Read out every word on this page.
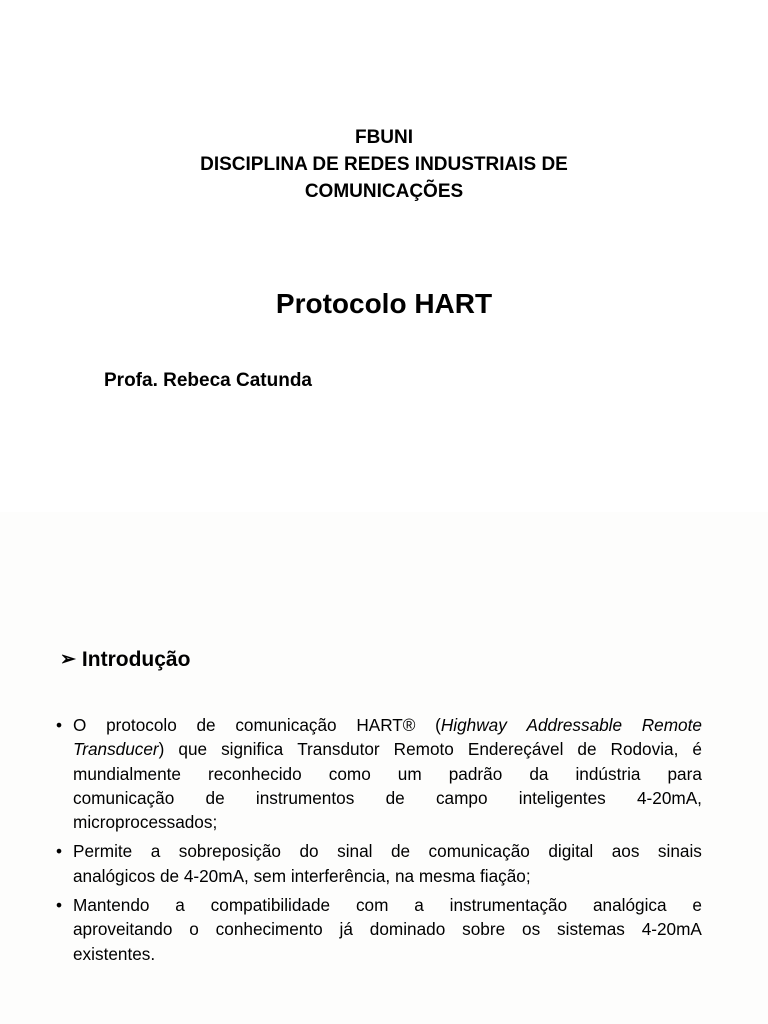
FBUNI
DISCIPLINA DE REDES INDUSTRIAIS DE
COMUNICAÇÕES
Protocolo HART
Profa. Rebeca Catunda
➢ Introdução
• O protocolo de comunicação HART® (Highway Addressable Remote
Transducer) que significa Transdutor Remoto Endereçável de Rodovia, é
mundialmente reconhecido como um padrão da indústria para
comunicação de instrumentos de campo inteligentes 4-20mA,
microprocessados;
• Permite a sobreposição do sinal de comunicação digital aos sinais
analógicos de 4-20mA, sem interferência, na mesma fiação;
• Mantendo a compatibilidade com a instrumentação analógica e
aproveitando o conhecimento já dominado sobre os sistemas 4-20mA
existentes.
